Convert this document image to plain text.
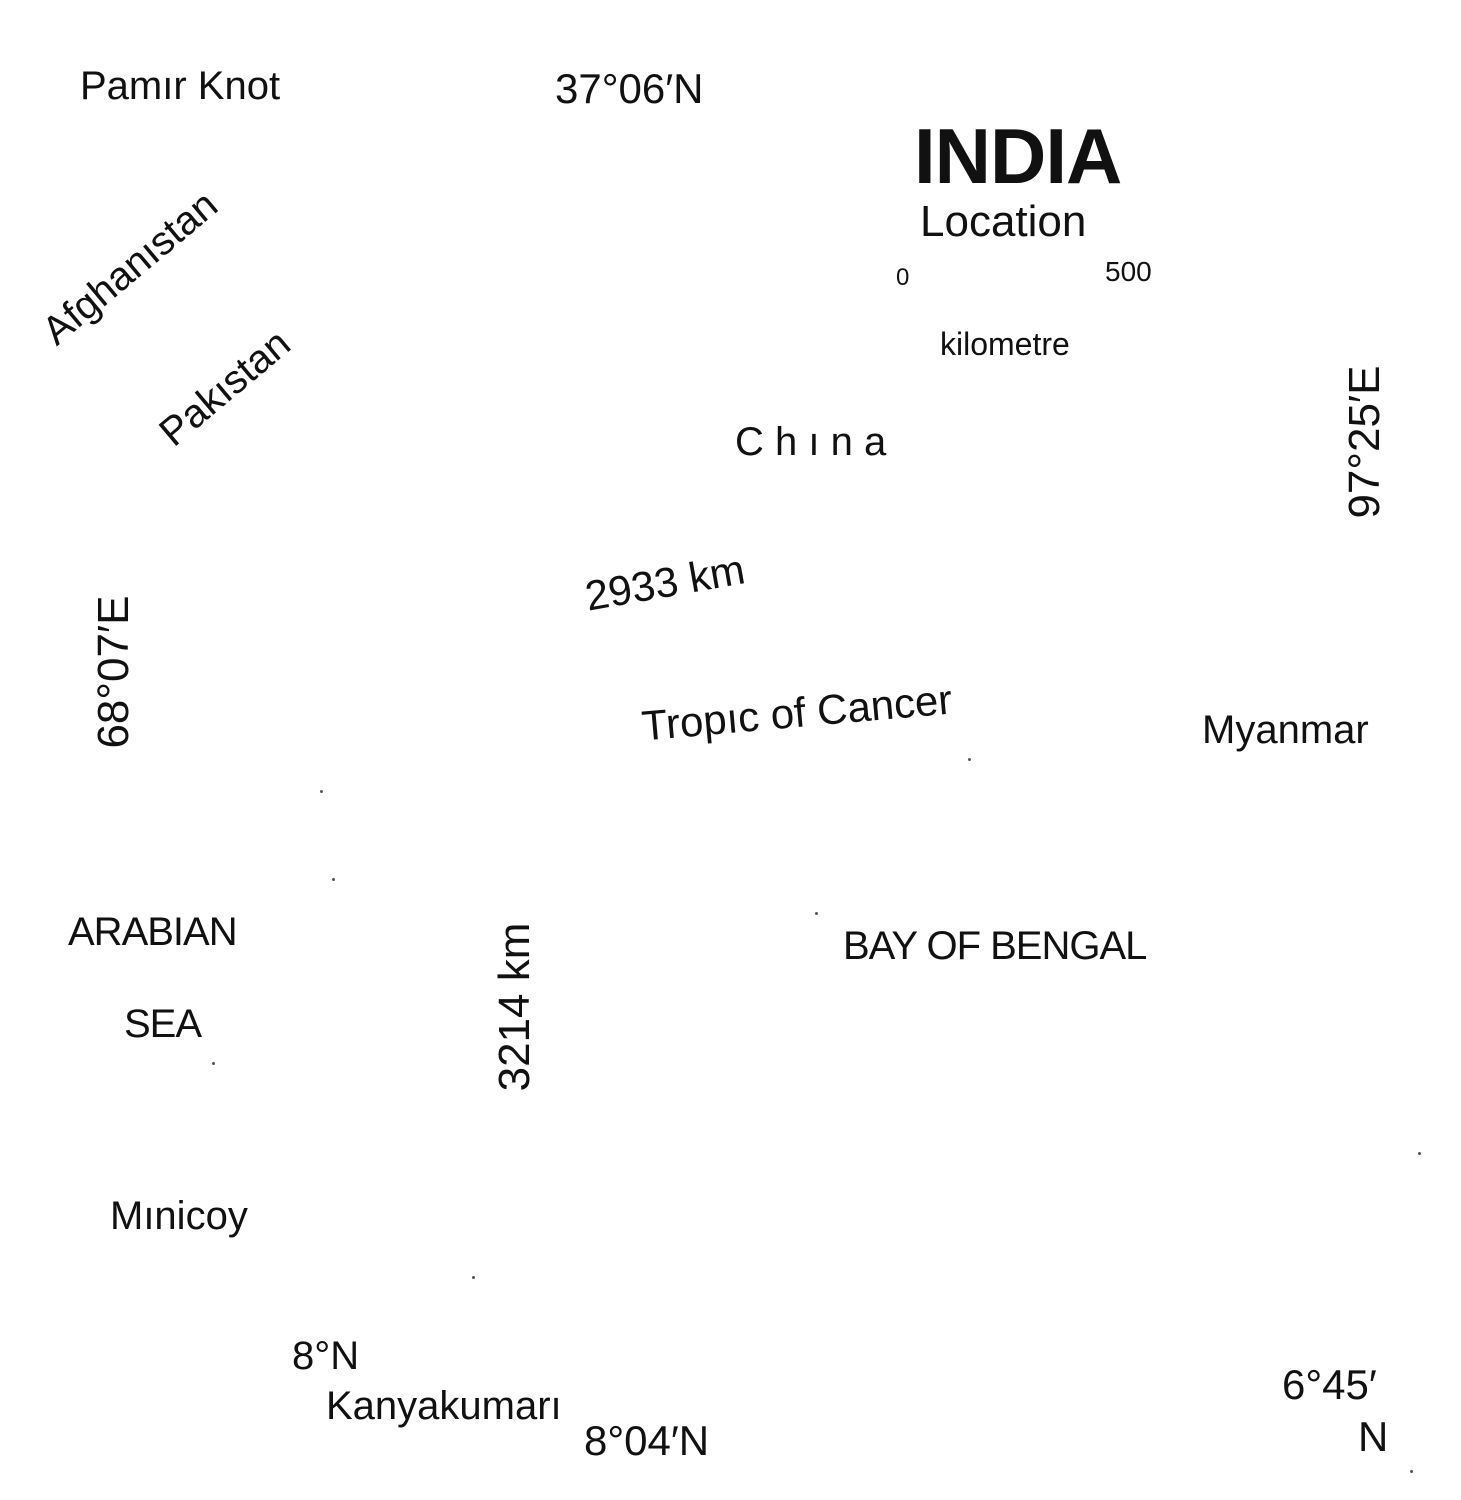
INDIA
Location
0	500
kilometre
37°06′N
68°07′E
97°25′E
8°N
8°04′N
6°45′
N
Pamır Knot
Afghanıstan
Pakıstan	C h ı n a
2933 km
Tropıc of Cancer	Myanmar
ARABIAN
SEA	3214 km	BAY OF BENGAL
Mınicoy
Kanyakumarı
